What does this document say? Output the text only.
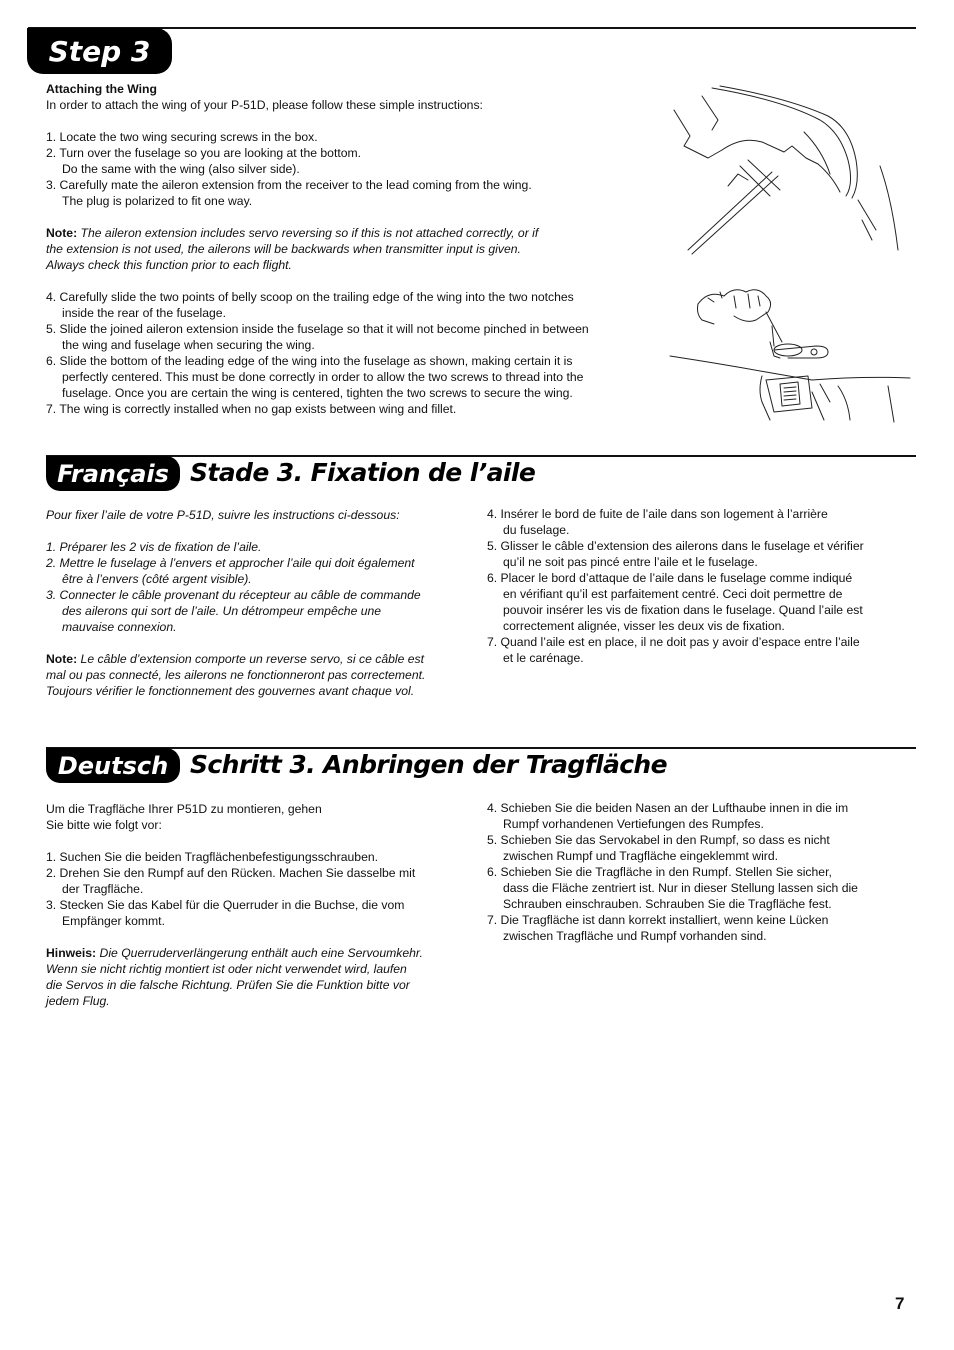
Step 3

Attaching the Wing

In order to attach the wing of your P-51D, please follow these simple instructions:

1. Locate the two wing securing screws in the box.

2. Turn over the fuselage so you are looking at the bottom.

Do the same with the wing (also silver side).

3. Carefully mate the aileron extension from the receiver to the lead coming from the wing.

The plug is polarized to fit one way.

Note: The aileron extension includes servo reversing so if this is not attached correctly, or if

the extension is not used, the ailerons will be backwards when transmitter input is given.

Always check this function prior to each flight.

4. Carefully slide the two points of belly scoop on the trailing edge of the wing into the two notches

inside the rear of the fuselage.

5. Slide the joined aileron extension inside the fuselage so that it will not become pinched in between

the wing and fuselage when securing the wing.

6. Slide the bottom of the leading edge of the wing into the fuselage as shown, making certain it is

perfectly centered. This must be done correctly in order to allow the two screws to thread into the

fuselage. Once you are certain the wing is centered, tighten the two screws to secure the wing.

7. The wing is correctly installed when no gap exists between wing and fillet.

Français Stade 3. Fixation de l’aile

Pour fixer l’aile de votre P-51D, suivre les instructions ci-dessous:

1. Préparer les 2 vis de fixation de l’aile.

2. Mettre le fuselage à l’envers et approcher l’aile qui doit également

être à l’envers (côté argent visible).

3. Connecter le câble provenant du récepteur au câble de commande

des ailerons qui sort de l’aile. Un détrompeur empêche une

mauvaise connexion.

Note: Le câble d’extension comporte un reverse servo, si ce câble est

mal ou pas connecté, les ailerons ne fonctionneront pas correctement.

Toujours vérifier le fonctionnement des gouvernes avant chaque vol.

4. Insérer le bord de fuite de l’aile dans son logement à l’arrière

du fuselage.

5. Glisser le câble d’extension des ailerons dans le fuselage et vérifier

qu’il ne soit pas pincé entre l’aile et le fuselage.

6. Placer le bord d’attaque de l’aile dans le fuselage comme indiqué

en vérifiant qu’il est parfaitement centré. Ceci doit permettre de

pouvoir insérer les vis de fixation dans le fuselage. Quand l’aile est

correctement alignée, visser les deux vis de fixation.

7. Quand l’aile est en place, il ne doit pas y avoir d’espace entre l’aile

et le carénage.

Deutsch Schritt 3. Anbringen der Tragfläche

Um die Tragfläche Ihrer P51D zu montieren, gehen

Sie bitte wie folgt vor:

1. Suchen Sie die beiden Tragflächenbefestigungsschrauben.

2. Drehen Sie den Rumpf auf den Rücken. Machen Sie dasselbe mit

der Tragfläche.

3. Stecken Sie das Kabel für die Querruder in die Buchse, die vom

Empfänger kommt.

Hinweis: Die Querruderverlängerung enthält auch eine Servoumkehr.

Wenn sie nicht richtig montiert ist oder nicht verwendet wird, laufen

die Servos in die falsche Richtung. Prüfen Sie die Funktion bitte vor

jedem Flug.

4. Schieben Sie die beiden Nasen an der Lufthaube innen in die im

Rumpf vorhandenen Vertiefungen des Rumpfes.

5. Schieben Sie das Servokabel in den Rumpf, so dass es nicht

zwischen Rumpf und Tragfläche eingeklemmt wird.

6. Schieben Sie die Tragfläche in den Rumpf. Stellen Sie sicher,

dass die Fläche zentriert ist. Nur in dieser Stellung lassen sich die

Schrauben einschrauben. Schrauben Sie die Tragfläche fest.

7. Die Tragfläche ist dann korrekt installiert, wenn keine Lücken

zwischen Tragfläche und Rumpf vorhanden sind.

7
